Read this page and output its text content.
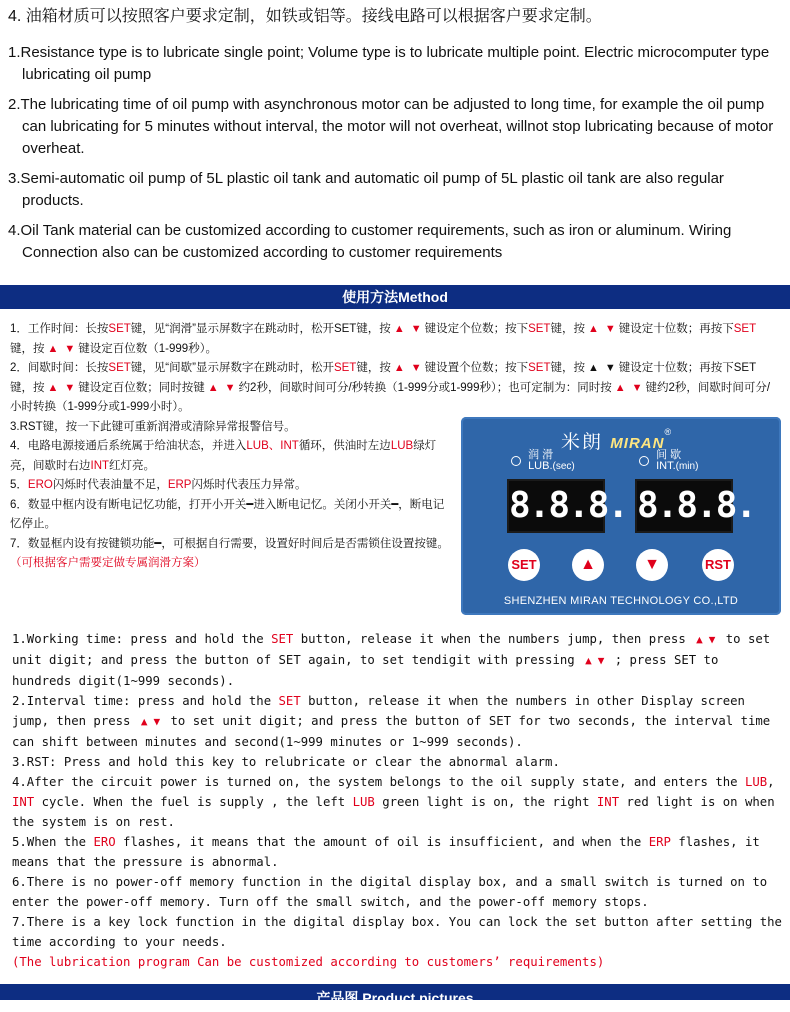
4. 油箱材质可以按照客户要求定制，如铁或铝等。接线电路可以根据客户要求定制。

1.Resistance type is to lubricate single point; Volume type is to lubricate multiple point. Electric microcomputer type lubricating oil pump

2.The lubricating time of oil pump with asynchronous motor can be adjusted to long time, for example the oil pump can lubricating for 5 minutes without interval, the motor will not overheat, willnot stop lubricating because of motor overheat.

3.Semi-automatic oil pump of 5L plastic oil tank and automatic oil pump of 5L plastic oil tank are also regular products.

4.Oil Tank material can be customized according to customer requirements, such as iron or aluminum. Wiring Connection also can be customized according to customer requirements

使用方法Method

1．工作时间：长按SET键，见“润滑”显示屏数字在跳动时，松开SET键，按 ▲ ▼ 键设定个位数；按下SET键，按 ▲ ▼ 键设定十位数；再按下SET键，按 ▲ ▼ 键设定百位数（1-999秒）。

2．间歇时间：长按SET键，见“间歇”显示屏数字在跳动时，松开SET键，按 ▲ ▼ 键设置个位数；按下SET键，按 ▲ ▼ 键设定十位数；再按下SET键，按 ▲ ▼ 键设定百位数；同时按键 ▲ ▼ 约2秒，间歇时间可分/秒转换（1-999分或1-999秒）；也可定制为：同时按 ▲ ▼ 键约2秒，间歇时间可分/小时转换（1-999分或1-999小时）。

3.RST键，按一下此键可重新润滑或清除异常报警信号。

4．电路电源接通后系统属于给油状态，并进入LUB、INT循环，供油时左边LUB绿灯亮，间歇时右边INT红灯亮。

5．ERO闪烁时代表油量不足，ERP闪烁时代表压力异常。

6．数显中框内设有断电记忆功能，打开小开关━进入断电记忆。关闭小开关━，断电记忆停止。

7．数显框内设有按键锁功能━，可根据自行需要，设置好时间后是否需锁住设置按键。

（可根据客户需要定做专属润滑方案）

米朗 MIRAN®
润 滑
LUB.(sec)
间 歇
INT.(min)
8.8.8. 8.8.8.
SET	▲	▼	RST
SHENZHEN MIRAN TECHNOLOGY CO.,LTD

1.Working time: press and hold the SET button, release it when the numbers jump, then press ▲ ▼ to set unit digit; and press the button of SET again, to set tendigit with pressing ▲ ▼ ; press SET to hundreds digit(1~999 seconds).

2.Interval time: press and hold the SET button, release it when the numbers in other Display screen jump, then press ▲ ▼ to set unit digit; and press the button of SET for two seconds, the interval time can shift between minutes and second(1~999 minutes or 1~999 seconds).

3.RST: Press and hold this key to relubricate or clear the abnormal alarm.

4.After the circuit power is turned on, the system belongs to the oil supply state, and enters the LUB, INT cycle. When the fuel is supply , the left LUB green light is on, the right INT red light is on when the system is on rest.

5.When the ERO flashes, it means that the amount of oil is insufficient, and when the ERP flashes, it means that the pressure is abnormal.

6.There is no power-off memory function in the digital display box, and a small switch is turned on to enter the power-off memory. Turn off the small switch, and the power-off memory stops.

7.There is a key lock function in the digital display box. You can lock the set button after setting the time according to your needs.

(The lubrication program Can be customized according to customers’ requirements)

产品图 Product pictures
